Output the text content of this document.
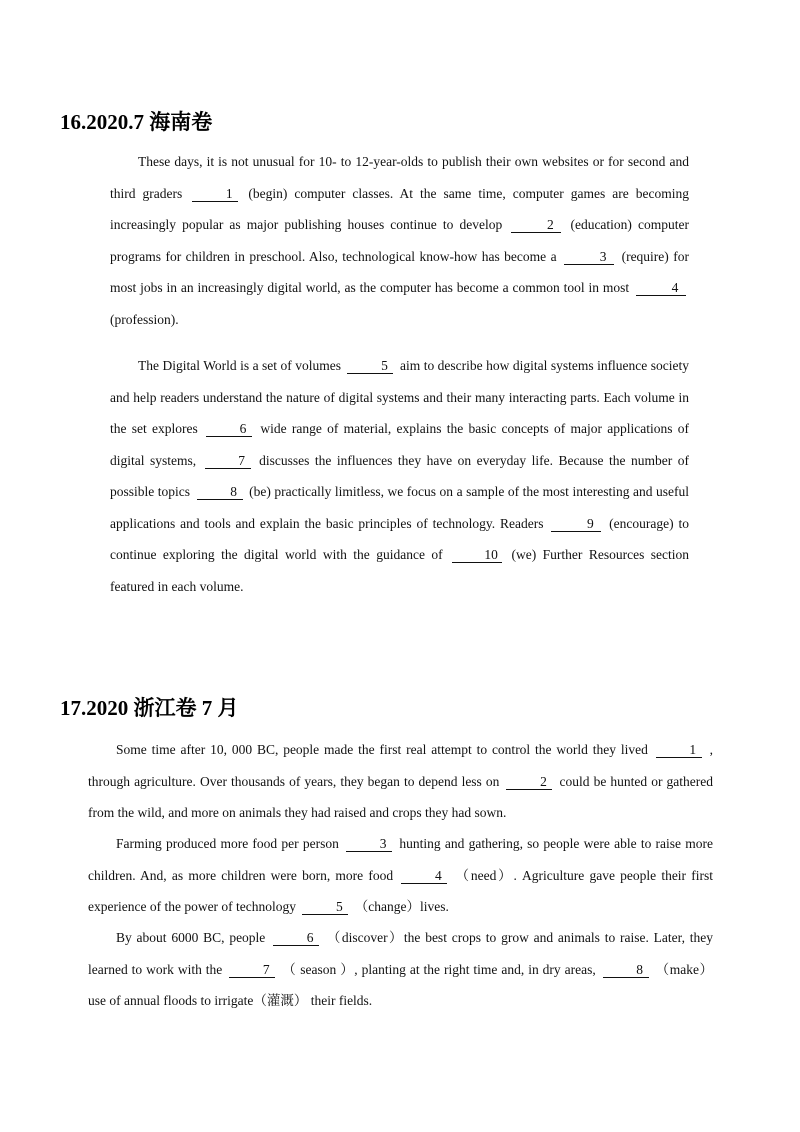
16.2020.7 海南卷

These days, it is not unusual for 10- to 12-year-olds to publish their own websites or for second and third graders	1 (begin) computer classes. At the same time, computer games are becoming increasingly popular as major publishing houses continue to develop	2 (education) computer programs for children in preschool. Also, technological know-how has become a	3 (require) for most jobs in an increasingly digital world, as the computer has become a common tool in most	4 (profession).

The Digital World is a set of volumes	5 aim to describe how digital systems influence society and help readers understand the nature of digital systems and their many interacting parts. Each volume in the set explores	6 wide range of material, explains the basic concepts of major applications of digital systems,	7 discusses the influences they have on everyday life. Because the number of possible topics	8 (be) practically limitless, we focus on a sample of the most interesting and useful applications and tools and explain the basic principles of technology. Readers	9 (encourage) to continue exploring the digital world with the guidance of	10 (we) Further Resources section featured in each volume.

17.2020 浙江卷 7 月

Some time after 10, 000 BC, people made the first real attempt to control the world they lived	1 , through agriculture. Over thousands of years, they began to depend less on	2 could be hunted or gathered from the wild, and more on animals they had raised and crops they had sown.

Farming produced more food per person	3 hunting and gathering, so people were able to raise more children. And, as more children were born, more food	4 （need）. Agriculture gave people their first experience of the power of technology	5 （change）lives.

By about 6000 BC, people	6 （discover）the best crops to grow and animals to raise. Later, they learned to work with the	7 （ season ）, planting at the right time and, in dry areas,	8 （make）use of annual floods to irrigate（灌溉） their fields.
